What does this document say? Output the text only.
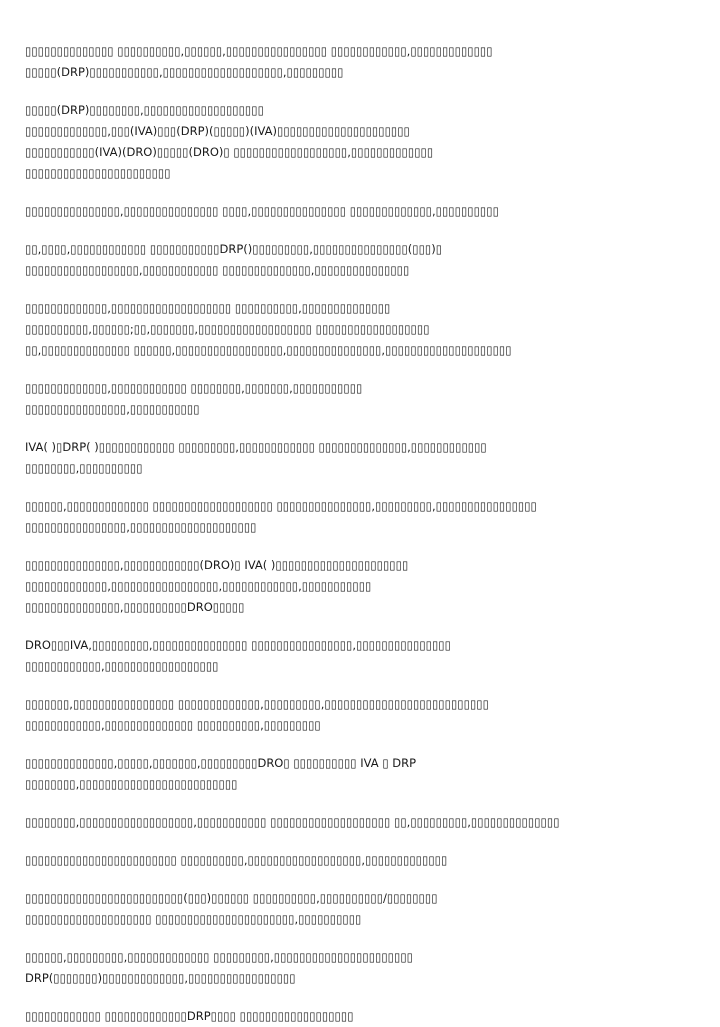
▯▯▯▯▯▯▯▯▯▯▯▯▯▯ ▯▯▯▯▯▯▯▯▯▯,▯▯▯▯▯▯,▯▯▯▯▯▯▯▯▯▯▯▯▯▯▯▯ ▯▯▯▯▯▯▯▯▯▯▯▯,▯▯▯▯▯▯▯▯▯▯▯▯▯
▯▯▯▯▯(DRP)▯▯▯▯▯▯▯▯▯▯▯,▯▯▯▯▯▯▯▯▯▯▯▯▯▯▯▯▯▯▯,▯▯▯▯▯▯▯▯▯
▯▯▯▯▯(DRP)▯▯▯▯▯▯▯▯,▯▯▯▯▯▯▯▯▯▯▯▯▯▯▯▯▯▯▯
▯▯▯▯▯▯▯▯▯▯▯▯▯,▯▯▯(IVA)▯▯▯(DRP)(▯▯▯▯▯)(IVA)▯▯▯▯▯▯▯▯▯▯▯▯▯▯▯▯▯▯▯▯▯
▯▯▯▯▯▯▯▯▯▯▯(IVA)(DRO)▯▯▯▯▯(DRO)▯ ▯▯▯▯▯▯▯▯▯▯▯▯▯▯▯▯▯▯,▯▯▯▯▯▯▯▯▯▯▯▯▯
▯▯▯▯▯▯▯▯▯▯▯▯▯▯▯▯▯▯▯▯▯▯▯
▯▯▯▯▯▯▯▯▯▯▯▯▯▯▯,▯▯▯▯▯▯▯▯▯▯▯▯▯▯▯ ▯▯▯▯,▯▯▯▯▯▯▯▯▯▯▯▯▯▯▯ ▯▯▯▯▯▯▯▯▯▯▯▯▯,▯▯▯▯▯▯▯▯▯▯
▯▯,▯▯▯▯,▯▯▯▯▯▯▯▯▯▯▯▯ ▯▯▯▯▯▯▯▯▯▯▯DRP()▯▯▯▯▯▯▯▯▯,▯▯▯▯▯▯▯▯▯▯▯▯▯▯▯(▯▯▯)▯
▯▯▯▯▯▯▯▯▯▯▯▯▯▯▯▯▯▯,▯▯▯▯▯▯▯▯▯▯▯▯ ▯▯▯▯▯▯▯▯▯▯▯▯▯▯,▯▯▯▯▯▯▯▯▯▯▯▯▯▯▯
▯▯▯▯▯▯▯▯▯▯▯▯▯,▯▯▯▯▯▯▯▯▯▯▯▯▯▯▯▯▯▯▯ ▯▯▯▯▯▯▯▯▯▯,▯▯▯▯▯▯▯▯▯▯▯▯▯▯
▯▯▯▯▯▯▯▯▯▯,▯▯▯▯▯▯;▯▯,▯▯▯▯▯▯▯,▯▯▯▯▯▯▯▯▯▯▯▯▯▯▯▯▯▯ ▯▯▯▯▯▯▯▯▯▯▯▯▯▯▯▯▯▯
▯▯,▯▯▯▯▯▯▯▯▯▯▯▯▯▯ ▯▯▯▯▯▯,▯▯▯▯▯▯▯▯▯▯▯▯▯▯▯▯▯,▯▯▯▯▯▯▯▯▯▯▯▯▯▯▯,▯▯▯▯▯▯▯▯▯▯▯▯▯▯▯▯▯▯▯▯
▯▯▯▯▯▯▯▯▯▯▯▯▯,▯▯▯▯▯▯▯▯▯▯▯▯ ▯▯▯▯▯▯▯▯,▯▯▯▯▯▯▯,▯▯▯▯▯▯▯▯▯▯▯
▯▯▯▯▯▯▯▯▯▯▯▯▯▯▯▯,▯▯▯▯▯▯▯▯▯▯▯
IVA( )▯DRP( )▯▯▯▯▯▯▯▯▯▯▯▯ ▯▯▯▯▯▯▯▯▯,▯▯▯▯▯▯▯▯▯▯▯▯ ▯▯▯▯▯▯▯▯▯▯▯▯▯▯,▯▯▯▯▯▯▯▯▯▯▯▯
▯▯▯▯▯▯▯▯,▯▯▯▯▯▯▯▯▯▯
▯▯▯▯▯▯,▯▯▯▯▯▯▯▯▯▯▯▯▯ ▯▯▯▯▯▯▯▯▯▯▯▯▯▯▯▯▯▯▯ ▯▯▯▯▯▯▯▯▯▯▯▯▯▯▯,▯▯▯▯▯▯▯▯▯,▯▯▯▯▯▯▯▯▯▯▯▯▯▯▯▯
▯▯▯▯▯▯▯▯▯▯▯▯▯▯▯▯,▯▯▯▯▯▯▯▯▯▯▯▯▯▯▯▯▯▯▯▯
▯▯▯▯▯▯▯▯▯▯▯▯▯▯▯,▯▯▯▯▯▯▯▯▯▯▯▯(DRO)▯ IVA( )▯▯▯▯▯▯▯▯▯▯▯▯▯▯▯▯▯▯▯▯▯
▯▯▯▯▯▯▯▯▯▯▯▯▯,▯▯▯▯▯▯▯▯▯▯▯▯▯▯▯▯▯,▯▯▯▯▯▯▯▯▯▯▯▯,▯▯▯▯▯▯▯▯▯▯▯
▯▯▯▯▯▯▯▯▯▯▯▯▯▯▯,▯▯▯▯▯▯▯▯▯▯DRO▯▯▯▯▯
DRO▯▯▯IVA,▯▯▯▯▯▯▯▯▯,▯▯▯▯▯▯▯▯▯▯▯▯▯▯▯ ▯▯▯▯▯▯▯▯▯▯▯▯▯▯▯▯,▯▯▯▯▯▯▯▯▯▯▯▯▯▯▯
▯▯▯▯▯▯▯▯▯▯▯▯,▯▯▯▯▯▯▯▯▯▯▯▯▯▯▯▯▯▯
▯▯▯▯▯▯▯,▯▯▯▯▯▯▯▯▯▯▯▯▯▯▯▯ ▯▯▯▯▯▯▯▯▯▯▯▯▯,▯▯▯▯▯▯▯▯▯,▯▯▯▯▯▯▯▯▯▯▯▯▯▯▯▯▯▯▯▯▯▯▯▯▯▯
▯▯▯▯▯▯▯▯▯▯▯▯,▯▯▯▯▯▯▯▯▯▯▯▯▯▯ ▯▯▯▯▯▯▯▯▯▯,▯▯▯▯▯▯▯▯▯
▯▯▯▯▯▯▯▯▯▯▯▯▯▯,▯▯▯▯▯,▯▯▯▯▯▯▯,▯▯▯▯▯▯▯▯▯DRO▯ ▯▯▯▯▯▯▯▯▯▯ IVA ▯ DRP
▯▯▯▯▯▯▯▯,▯▯▯▯▯▯▯▯▯▯▯▯▯▯▯▯▯▯▯▯▯▯▯▯▯
▯▯▯▯▯▯▯▯,▯▯▯▯▯▯▯▯▯▯▯▯▯▯▯▯▯▯,▯▯▯▯▯▯▯▯▯▯▯ ▯▯▯▯▯▯▯▯▯▯▯▯▯▯▯▯▯▯▯ ▯▯,▯▯▯▯▯▯▯▯▯,▯▯▯▯▯▯▯▯▯▯▯▯▯▯
▯▯▯▯▯▯▯▯▯▯▯▯▯▯▯▯▯▯▯▯▯▯▯▯ ▯▯▯▯▯▯▯▯▯▯,▯▯▯▯▯▯▯▯▯▯▯▯▯▯▯▯▯▯,▯▯▯▯▯▯▯▯▯▯▯▯▯
▯▯▯▯▯▯▯▯▯▯▯▯▯▯▯▯▯▯▯▯▯▯▯▯▯(▯▯▯)▯▯▯▯▯▯ ▯▯▯▯▯▯▯▯▯▯,▯▯▯▯▯▯▯▯▯▯/▯▯▯▯▯▯▯▯
▯▯▯▯▯▯▯▯▯▯▯▯▯▯▯▯▯▯▯▯ ▯▯▯▯▯▯▯▯▯▯▯▯▯▯▯▯▯▯▯▯▯▯,▯▯▯▯▯▯▯▯▯▯
▯▯▯▯▯▯,▯▯▯▯▯▯▯▯▯,▯▯▯▯▯▯▯▯▯▯▯▯▯ ▯▯▯▯▯▯▯▯▯,▯▯▯▯▯▯▯▯▯▯▯▯▯▯▯▯▯▯▯▯▯▯
DRP(▯▯▯▯▯▯▯)▯▯▯▯▯▯▯▯▯▯▯▯▯,▯▯▯▯▯▯▯▯▯▯▯▯▯▯▯▯▯
▯▯▯▯▯▯▯▯▯▯▯▯ ▯▯▯▯▯▯▯▯▯▯▯▯▯DRP▯▯▯▯ ▯▯▯▯▯▯▯▯▯▯▯▯▯▯▯▯▯▯
